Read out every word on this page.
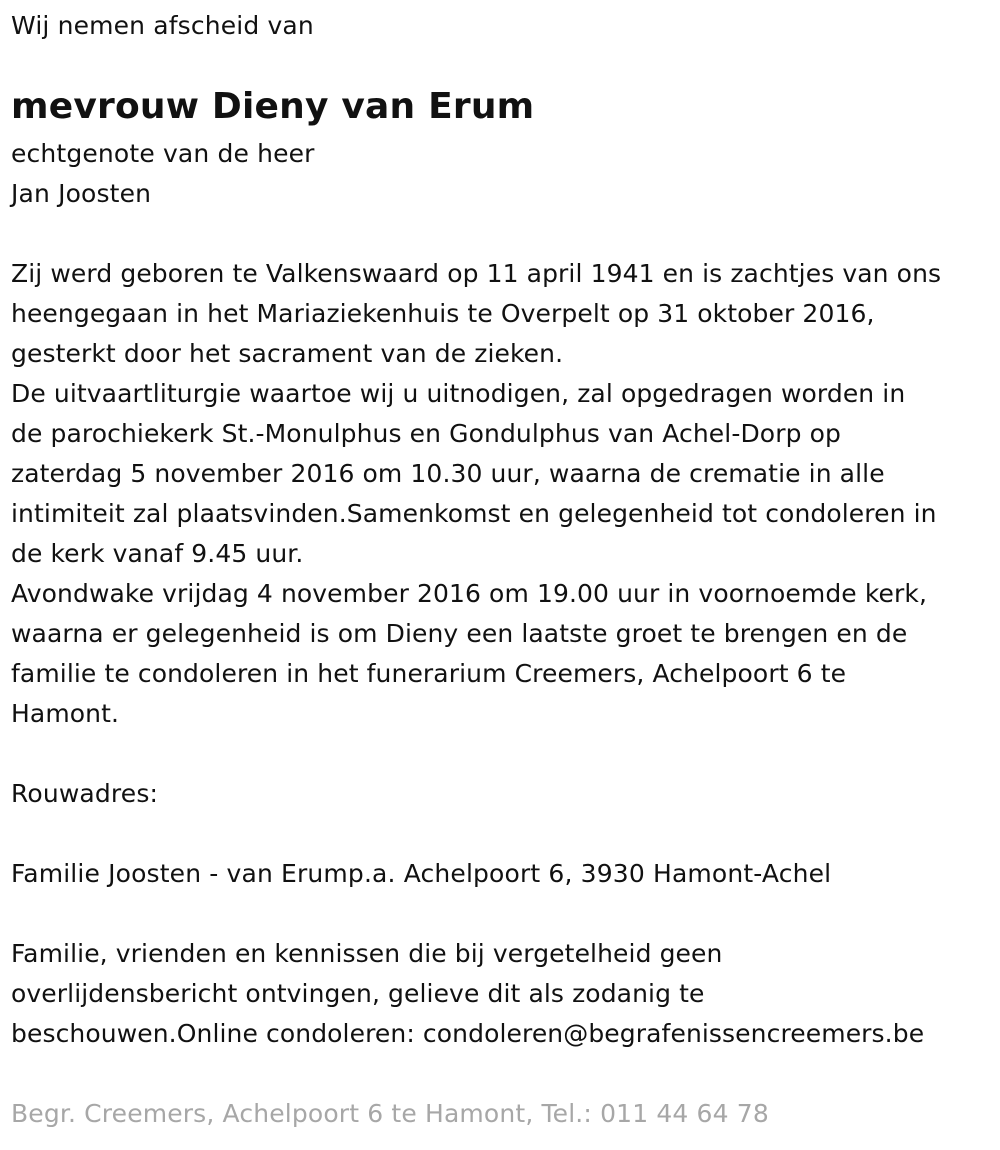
Wij nemen afscheid van
mevrouw Dieny van Erum
echtgenote van de heer
Jan Joosten

Zij werd geboren te Valkenswaard op 11 april 1941 en is zachtjes van ons

heengegaan in het Mariaziekenhuis te Overpelt op 31 oktober 2016,

gesterkt door het sacrament van de zieken.

De uitvaartliturgie waartoe wij u uitnodigen, zal opgedragen worden in

de parochiekerk St.-Monulphus en Gondulphus van Achel-Dorp op

zaterdag 5 november 2016 om 10.30 uur, waarna de crematie in alle

intimiteit zal plaatsvinden.Samenkomst en gelegenheid tot condoleren in

de kerk vanaf 9.45 uur.

Avondwake vrijdag 4 november 2016 om 19.00 uur in voornoemde kerk,

waarna er gelegenheid is om Dieny een laatste groet te brengen en de

familie te condoleren in het funerarium Creemers, Achelpoort 6 te

Hamont.

Rouwadres:
Familie Joosten - van Erump.a. Achelpoort 6, 3930 Hamont-Achel

Familie, vrienden en kennissen die bij vergetelheid geen

overlijdensbericht ontvingen, gelieve dit als zodanig te

beschouwen.Online condoleren: condoleren@begrafenissencreemers.be

Begr. Creemers, Achelpoort 6 te Hamont, Tel.: 011 44 64 78
